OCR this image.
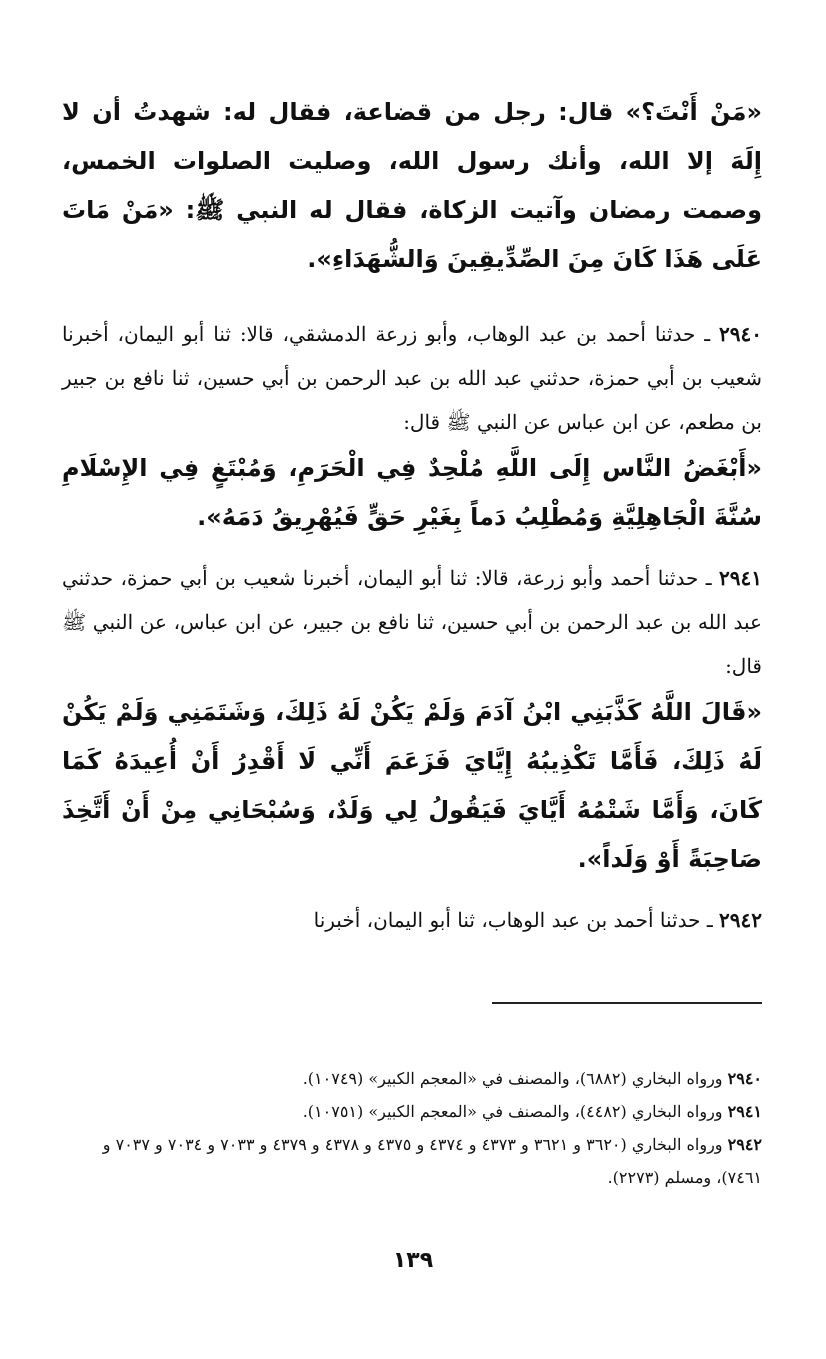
«مَنْ أَنْتَ؟» قال: رجل من قضاعة، فقال له: شهدتُ أن لا إِلَهَ إلا الله، وأنك رسول الله، وصليت الصلوات الخمس، وصمت رمضان وآتيت الزكاة، فقال له النبي ﷺ: «مَنْ مَاتَ عَلَى هَذَا كَانَ مِنَ الصِّدِّيقِينَ وَالشُّهَدَاءِ».

٢٩٤٠ ـ حدثنا أحمد بن عبد الوهاب، وأبو زرعة الدمشقي، قالا: ثنا أبو اليمان، أخبرنا شعيب بن أبي حمزة، حدثني عبد الله بن عبد الرحمن بن أبي حسين، ثنا نافع بن جبير بن مطعم، عن ابن عباس عن النبي ﷺ قال:

«أَبْغَضُ النَّاس إِلَى اللَّهِ مُلْحِدٌ فِي الْحَرَمِ، وَمُبْتَغٍ فِي الإِسْلَامِ سُنَّةَ الْجَاهِلِيَّةِ وَمُطْلِبُ دَماً بِغَيْرِ حَقٍّ فَيُهْرِيقُ دَمَهُ».

٢٩٤١ ـ حدثنا أحمد وأبو زرعة، قالا: ثنا أبو اليمان، أخبرنا شعيب بن أبي حمزة، حدثني عبد الله بن عبد الرحمن بن أبي حسين، ثنا نافع بن جبير، عن ابن عباس، عن النبي ﷺ قال:

«قَالَ اللَّهُ كَذَّبَنِي ابْنُ آدَمَ وَلَمْ يَكُنْ لَهُ ذَلِكَ، وَشَتَمَنِي وَلَمْ يَكُنْ لَهُ ذَلِكَ، فَأَمَّا تَكْذِيبُهُ إِيَّايَ فَزَعَمَ أَنِّي لَا أَقْدِرُ أَنْ أُعِيدَهُ كَمَا كَانَ، وَأَمَّا شَتْمُهُ أَيَّايَ فَيَقُولُ لِي وَلَدٌ، وَسُبْحَانِي مِنْ أَنْ أَتَّخِذَ صَاحِبَةً أَوْ وَلَداً».

٢٩٤٢ ـ حدثنا أحمد بن عبد الوهاب، ثنا أبو اليمان، أخبرنا

٢٩٤٠ ورواه البخاري (٦٨٨٢)، والمصنف في «المعجم الكبير» (١٠٧٤٩).

٢٩٤١ ورواه البخاري (٤٤٨٢)، والمصنف في «المعجم الكبير» (١٠٧٥١).

٢٩٤٢ ورواه البخاري (٣٦٢٠ و ٣٦٢١ و ٤٣٧٣ و ٤٣٧٤ و ٤٣٧٥ و ٤٣٧٨ و ٤٣٧٩ و ٧٠٣٣ و ٧٠٣٤ و ٧٠٣٧ و ٧٤٦١)، ومسلم (٢٢٧٣).

١٣٩
